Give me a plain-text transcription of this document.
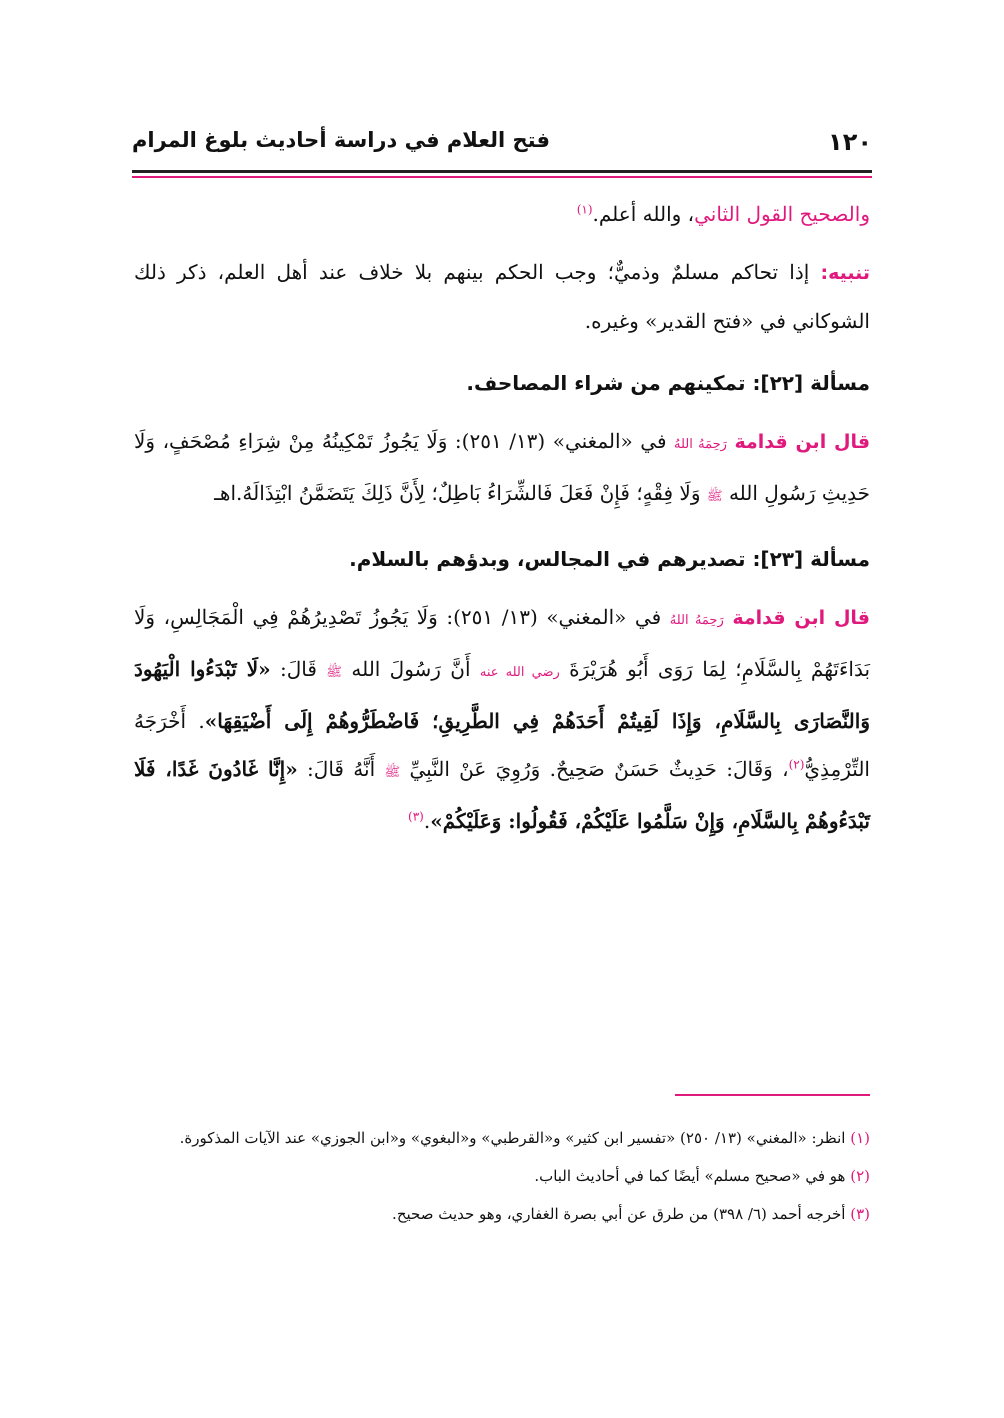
١٢٠
فتح العلام في دراسة أحاديث بلوغ المرام

والصحيح القول الثاني، والله أعلم.$^{(١)}$

تنبيه: إذا تحاكم مسلمٌ وذميٌّ؛ وجب الحكم بينهم بلا خلاف عند أهل العلم، ذكر ذلك الشوكاني في «فتح القدير» وغيره.

مسألة [٢٢]: تمكينهم من شراء المصاحف.

قال ابن قدامة رَحِمَهُ اللهُ في «المغني» (١٣/ ٢٥١): وَلَا يَجُوزُ تَمْكِينُهُ مِنْ شِرَاءِ مُصْحَفٍ، وَلَا حَدِيثِ رَسُولِ الله ﷺ وَلَا فِقْهٍ؛ فَإِنْ فَعَلَ فَالشِّرَاءُ بَاطِلٌ؛ لِأَنَّ ذَلِكَ يَتَضَمَّنُ ابْتِذَالَهُ.اهـ

مسألة [٢٣]: تصديرهم في المجالس، وبدؤهم بالسلام.

قال ابن قدامة رَحِمَهُ اللهُ في «المغني» (١٣/ ٢٥١): وَلَا يَجُوزُ تَصْدِيرُهُمْ فِي الْمَجَالِسِ، وَلَا بَدَاءَتَهُمْ بِالسَّلَامِ؛ لِمَا رَوَى أَبُو هُرَيْرَةَ رضي الله عنه أَنَّ رَسُولَ الله ﷺ قَالَ: «لَا تَبْدَءُوا الْيَهُودَ وَالنَّصَارَى بِالسَّلَامِ، وَإِذَا لَقِيتُمْ أَحَدَهُمْ فِي الطَّرِيقِ؛ فَاضْطَرُّوهُمْ إِلَى أَضْيَقِهَا». أَخْرَجَهُ التِّرْمِذِيُّ$^{(٢)}$، وَقَالَ: حَدِيثٌ حَسَنٌ صَحِيحٌ. وَرُوِيَ عَنْ النَّبِيِّ ﷺ أَنَّهُ قَالَ: «إِنَّا غَادُونَ غَدًا، فَلَا تَبْدَءُوهُمْ بِالسَّلَامِ، وَإِنْ سَلَّمُوا عَلَيْكُمْ، فَقُولُوا: وَعَلَيْكُمْ».$^{(٣)}$

(١) انظر: «المغني» (١٣/ ٢٥٠) «تفسير ابن كثير» و«القرطبي» و«البغوي» و«ابن الجوزي» عند الآيات المذكورة.

(٢) هو في «صحيح مسلم» أيضًا كما في أحاديث الباب.

(٣) أخرجه أحمد (٦/ ٣٩٨) من طرق عن أبي بصرة الغفاري، وهو حديث صحيح.
